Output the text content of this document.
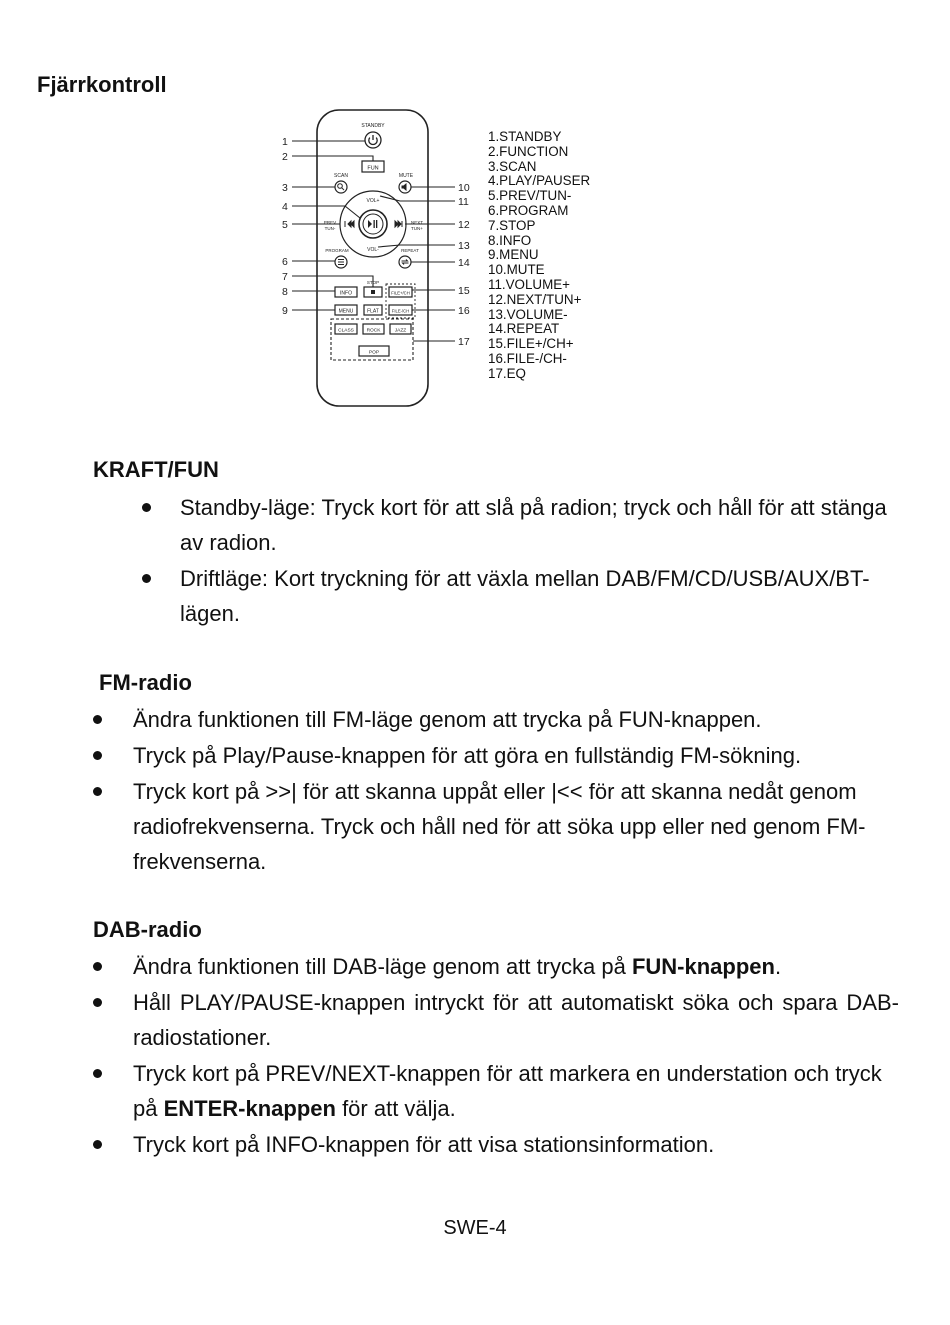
Fjärrkontroll
STANDBY
FUN
SCAN	MUTE
VOL+
VOL-
PREV
TUN-
NEXT
TUN+
PROGRAM	REPEAT
STOP
INFO	FILE+/CH
MENU	FLAT	FILE-/CH
CLASS	ROCK	JAZZ
POP
1
2
3
4
5
6
7
8
9
10
11
12
13
14
15
16
17
1.STANDBY
2.FUNCTION
3.SCAN
4.PLAY/PAUSER
5.PREV/TUN-
6.PROGRAM
7.STOP
8.INFO
9.MENU
10.MUTE
11.VOLUME+
12.NEXT/TUN+
13.VOLUME-
14.REPEAT
15.FILE+/CH+
16.FILE-/CH-
17.EQ
KRAFT/FUN
Standby-läge: Tryck kort för att slå på radion; tryck och håll för att stänga av radion.
Driftläge: Kort tryckning för att växla mellan DAB/FM/CD/USB/AUX/BT-lägen.
FM-radio
Ändra funktionen till FM-läge genom att trycka på FUN-knappen.
Tryck på Play/Pause-knappen för att göra en fullständig FM-sökning.
Tryck kort på >>| för att skanna uppåt eller |<< för att skanna nedåt genom radiofrekvenserna. Tryck och håll ned för att söka upp eller ned genom FM-frekvenserna.
DAB-radio
Ändra funktionen till DAB-läge genom att trycka på FUN-knappen.
Håll PLAY/PAUSE-knappen intryckt för att automatiskt söka och spara DAB-radiostationer.
Tryck kort på PREV/NEXT-knappen för att markera en understation och tryck på ENTER-knappen för att välja.
Tryck kort på INFO-knappen för att visa stationsinformation.
SWE-4
